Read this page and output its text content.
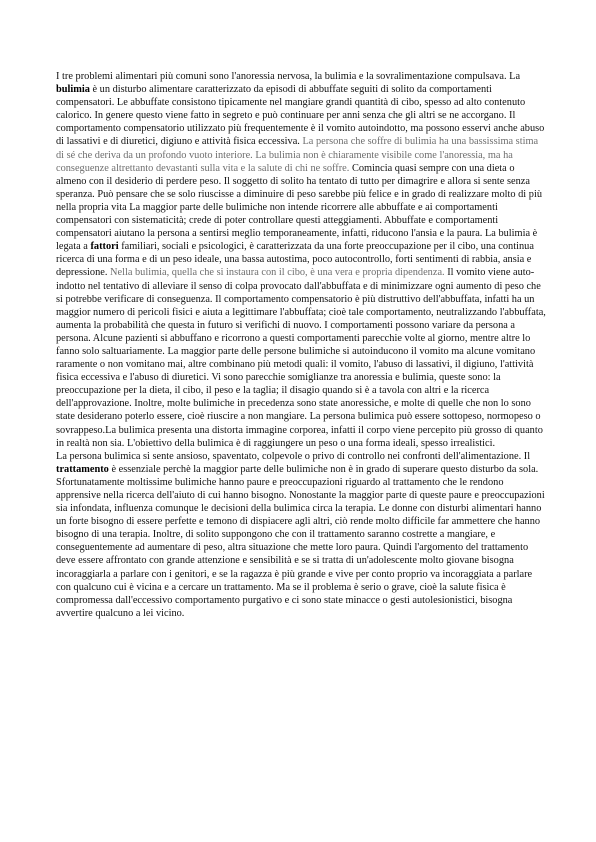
I tre problemi alimentari più comuni sono l'anoressia nervosa, la bulimia e la sovralimentazione compulsava. La bulimia è un disturbo alimentare caratterizzato da episodi di abbuffate seguiti di solito da comportamenti compensatori. Le abbuffate consistono tipicamente nel mangiare grandi quantità di cibo, spesso ad alto contenuto calorico. In genere questo viene fatto in segreto e può continuare per anni senza che gli altri se ne accorgano. Il comportamento compensatorio utilizzato più frequentemente è il vomito autoindotto, ma possono esservi anche abuso di lassativi e di diuretici, digiuno e attività fisica eccessiva. La persona che soffre di bulimia ha una bassissima stima di sé che deriva da un profondo vuoto interiore. La bulimia non è chiaramente visibile come l'anoressia, ma ha conseguenze altrettanto devastanti sulla vita e la salute di chi ne soffre. Comincia quasi sempre con una dieta o almeno con il desiderio di perdere peso. Il soggetto di solito ha tentato di tutto per dimagrire e allora si sente senza speranza. Può pensare che se solo riuscisse a diminuire di peso sarebbe più felice e in grado di realizzare molto di più nella propria vita La maggior parte delle bulimiche non intende ricorrere alle abbuffate e ai comportamenti compensatori con sistematicità; crede di poter controllare questi atteggiamenti. Abbuffate e comportamenti compensatori aiutano la persona a sentirsi meglio temporaneamente, infatti, riducono l'ansia e la paura. La bulimia è legata a fattori familiari, sociali e psicologici, è caratterizzata da una forte preoccupazione per il cibo, una continua ricerca di una forma e di un peso ideale, una bassa autostima, poco autocontrollo, forti sentimenti di rabbia, ansia e depressione. Nella bulimia, quella che si instaura con il cibo, è una vera e propria dipendenza. Il vomito viene auto-indotto nel tentativo di alleviare il senso di colpa provocato dall'abbuffata e di minimizzare ogni aumento di peso che si potrebbe verificare di conseguenza. Il comportamento compensatorio è più distruttivo dell'abbuffata, infatti ha un maggior numero di pericoli fisici e aiuta a legittimare l'abbuffata; cioè tale comportamento, neutralizzando l'abbuffata, aumenta la probabilità che questa in futuro si verifichi di nuovo. I comportamenti possono variare da persona a persona. Alcune pazienti si abbuffano e ricorrono a questi comportamenti parecchie volte al giorno, mentre altre lo fanno solo saltuariamente. La maggior parte delle persone bulimiche si autoinducono il vomito ma alcune vomitano raramente o non vomitano mai, altre combinano più metodi quali: il vomito, l'abuso di lassativi, il digiuno, l'attività fisica eccessiva e l'abuso di diuretici. Vi sono parecchie somiglianze tra anoressia e bulimia, queste sono: la preoccupazione per la dieta, il cibo, il peso e la taglia; il disagio quando si è a tavola con altri e la ricerca dell'approvazione. Inoltre, molte bulimiche in precedenza sono state anoressiche, e molte di quelle che non lo sono state desiderano poterlo essere, cioè riuscire a non mangiare. La persona bulimica può essere sottopeso, normopeso o sovrappeso.La bulimica presenta una distorta immagine corporea, infatti il corpo viene percepito più grosso di quanto in realtà non sia. L'obiettivo della bulimica è di raggiungere un peso o una forma ideali, spesso irrealistici.

La persona bulimica si sente ansioso, spaventato, colpevole o privo di controllo nei confronti dell'alimentazione. Il trattamento è essenziale perchè la maggior parte delle bulimiche non è in grado di superare questo disturbo da sola. Sfortunatamente moltissime bulimiche hanno paure e preoccupazioni riguardo al trattamento che le rendono apprensive nella ricerca dell'aiuto di cui hanno bisogno. Nonostante la maggior parte di queste paure e preoccupazioni sia infondata, influenza comunque le decisioni della bulimica circa la terapia. Le donne con disturbi alimentari hanno un forte bisogno di essere perfette e temono di dispiacere agli altri, ciò rende molto difficile far ammettere che hanno bisogno di una terapia. Inoltre, di solito suppongono che con il trattamento saranno costrette a mangiare, e conseguentemente ad aumentare di peso, altra situazione che mette loro paura. Quindi l'argomento del trattamento deve essere affrontato con grande attenzione e sensibilità e se si tratta di un'adolescente molto giovane bisogna incoraggiarla a parlare con i genitori, e se la ragazza è più grande e vive per conto proprio va incoraggiata a parlare con qualcuno cui è vicina e a cercare un trattamento. Ma se il problema è serio o grave, cioè la salute fisica è compromessa dall'eccessivo comportamento purgativo e ci sono state minacce o gesti autolesionistici, bisogna avvertire qualcuno a lei vicino.
